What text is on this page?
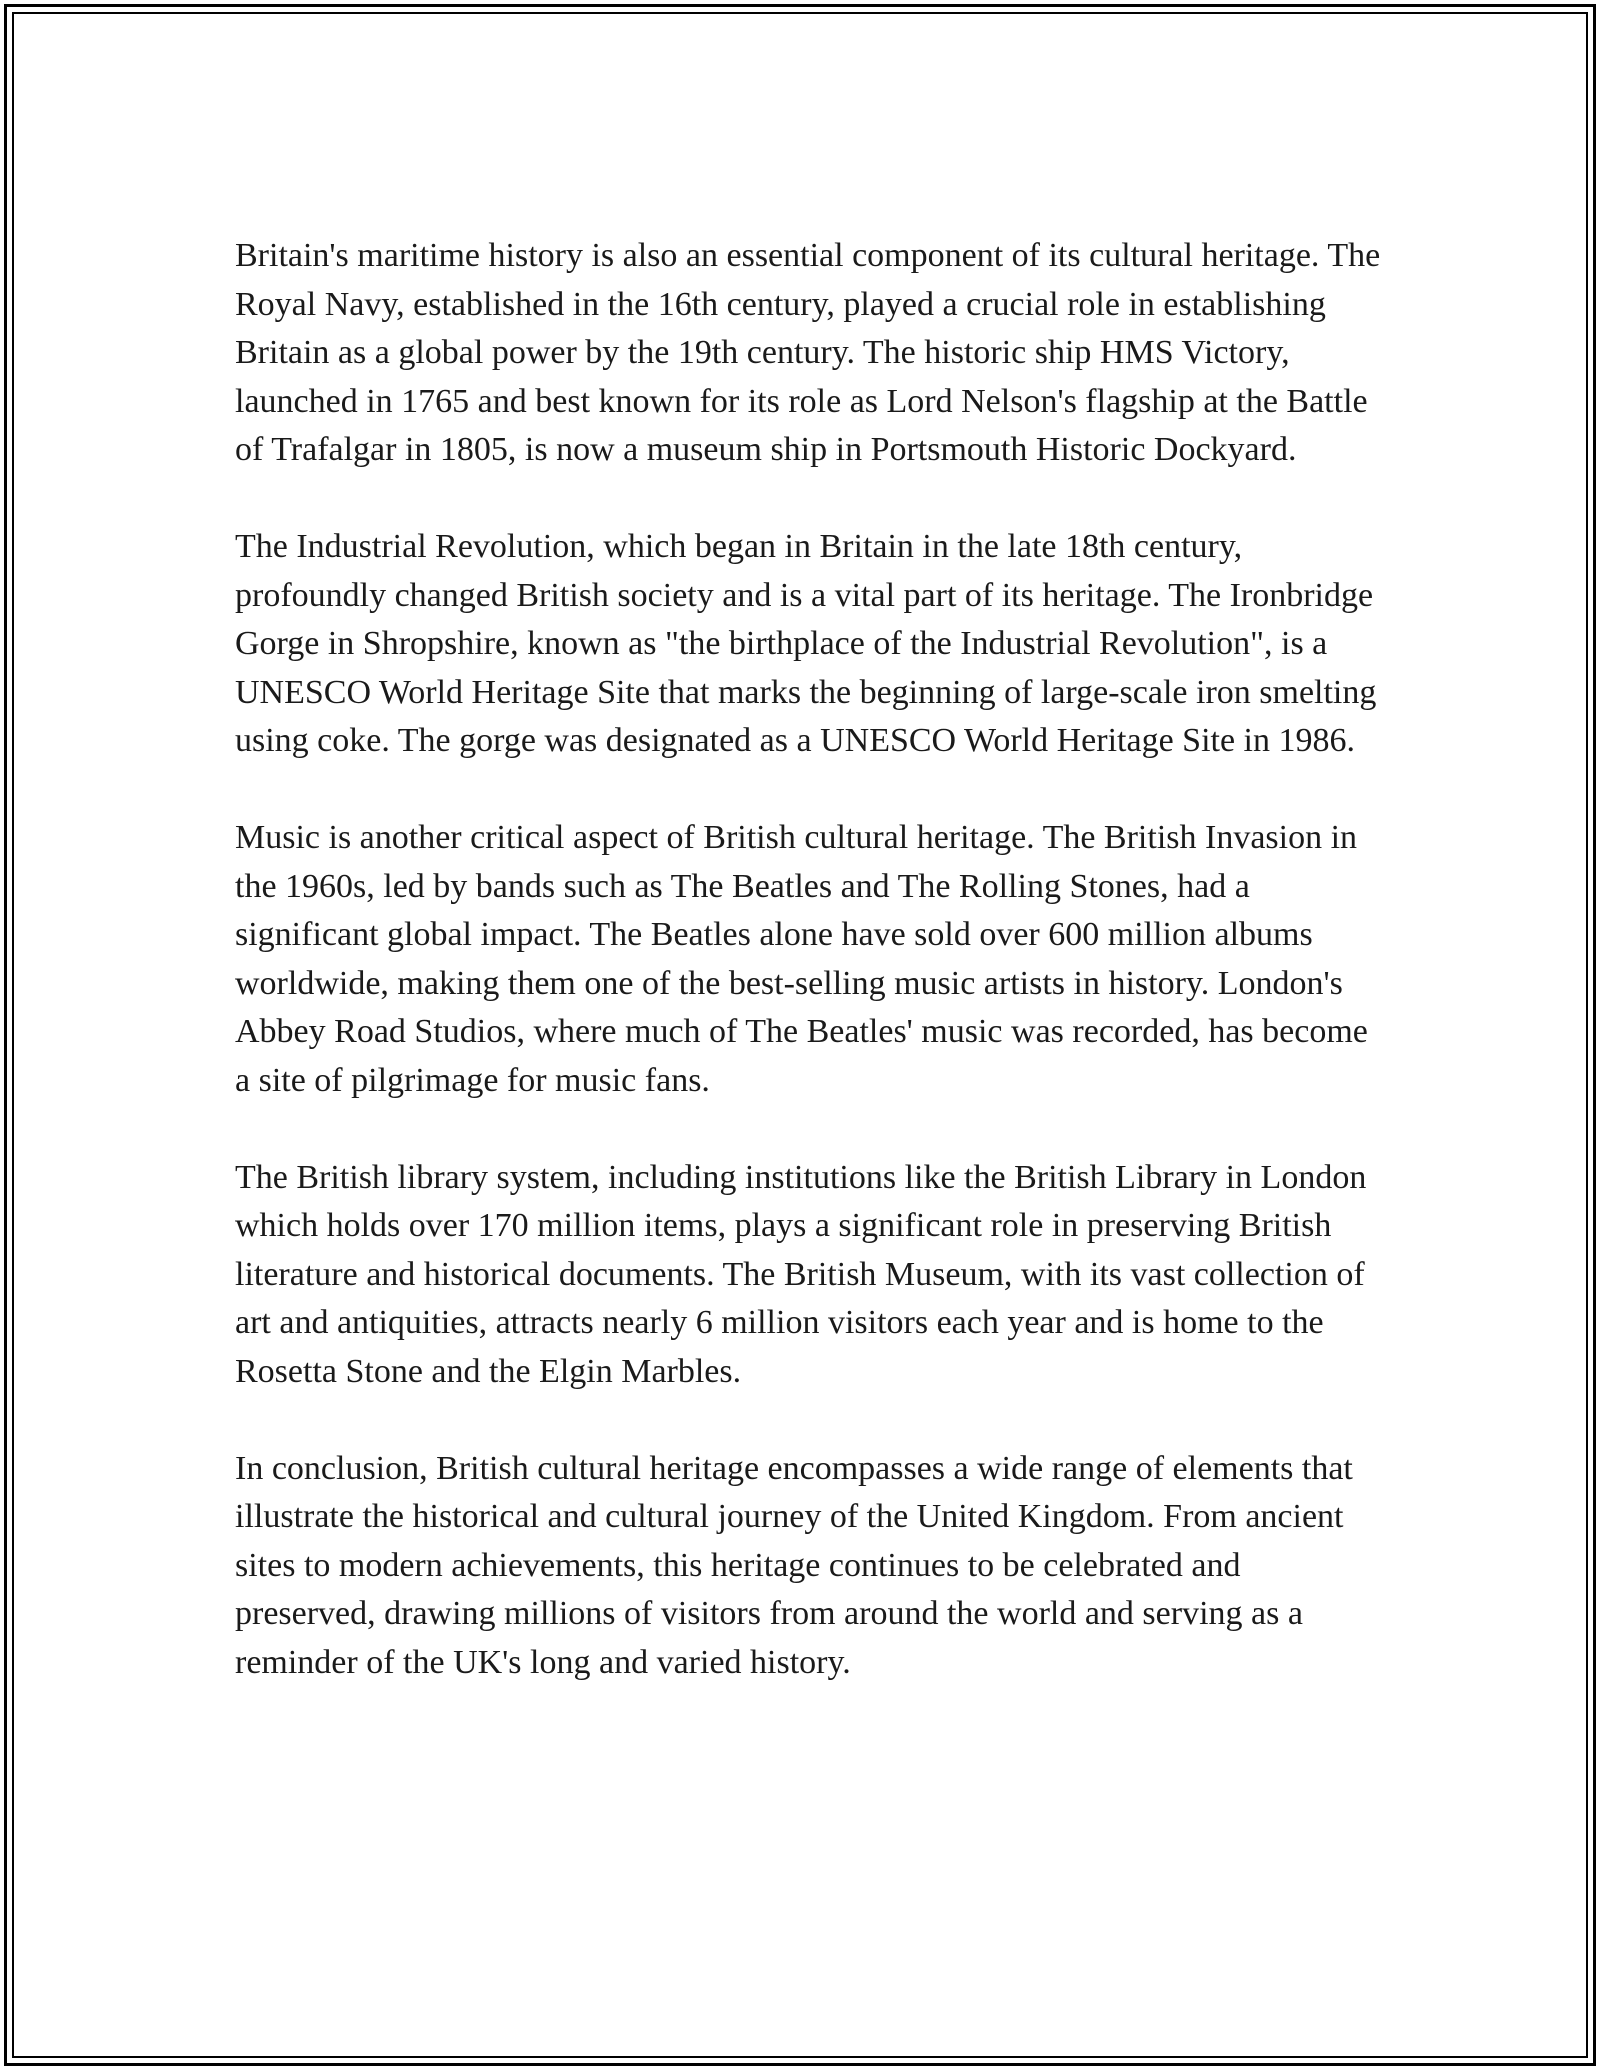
Britain's maritime history is also an essential component of its cultural heritage. The Royal Navy, established in the 16th century, played a crucial role in establishing Britain as a global power by the 19th century. The historic ship HMS Victory, launched in 1765 and best known for its role as Lord Nelson's flagship at the Battle of Trafalgar in 1805, is now a museum ship in Portsmouth Historic Dockyard.

The Industrial Revolution, which began in Britain in the late 18th century, profoundly changed British society and is a vital part of its heritage. The Ironbridge Gorge in Shropshire, known as "the birthplace of the Industrial Revolution", is a UNESCO World Heritage Site that marks the beginning of large-scale iron smelting using coke. The gorge was designated as a UNESCO World Heritage Site in 1986.

Music is another critical aspect of British cultural heritage. The British Invasion in the 1960s, led by bands such as The Beatles and The Rolling Stones, had a significant global impact. The Beatles alone have sold over 600 million albums worldwide, making them one of the best-selling music artists in history. London's Abbey Road Studios, where much of The Beatles' music was recorded, has become a site of pilgrimage for music fans.

The British library system, including institutions like the British Library in London which holds over 170 million items, plays a significant role in preserving British literature and historical documents. The British Museum, with its vast collection of art and antiquities, attracts nearly 6 million visitors each year and is home to the Rosetta Stone and the Elgin Marbles.

In conclusion, British cultural heritage encompasses a wide range of elements that illustrate the historical and cultural journey of the United Kingdom. From ancient sites to modern achievements, this heritage continues to be celebrated and preserved, drawing millions of visitors from around the world and serving as a reminder of the UK's long and varied history.
